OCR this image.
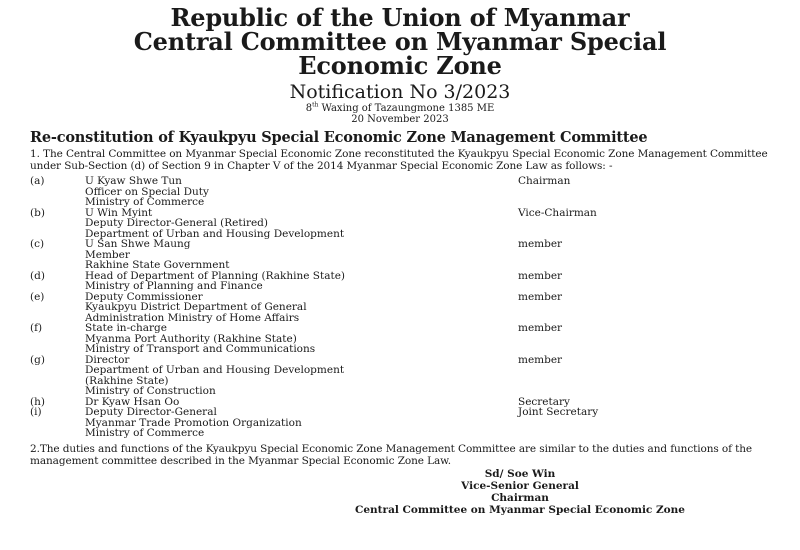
Republic of the Union of Myanmar
Central Committee on Myanmar Special
Economic Zone
Notification No 3/2023
8th Waxing of Tazaungmone 1385 ME
20 November 2023
Re-constitution of Kyaukpyu Special Economic Zone Management Committee
1. The Central Committee on Myanmar Special Economic Zone reconstituted the Kyaukpyu Special Economic Zone Management Committee under Sub-Section (d) of Section 9 in Chapter V of the 2014 Myanmar Special Economic Zone Law as follows: -
(a)	U Kyaw Shwe Tun	Chairman
Officer on Special Duty
Ministry of Commerce
(b)	U Win Myint	Vice-Chairman
Deputy Director-General (Retired)
Department of Urban and Housing Development
(c)	U San Shwe Maung	member
Member
Rakhine State Government
(d)	Head of Department of Planning (Rakhine State)	member
Ministry of Planning and Finance
(e)	Deputy Commissioner	member
Kyaukpyu District Department of General
Administration Ministry of Home Affairs
(f)	State in-charge	member
Myanma Port Authority (Rakhine State)
Ministry of Transport and Communications
(g)	Director	member
Department of Urban and Housing Development
(Rakhine State)
Ministry of Construction
(h)	Dr Kyaw Hsan Oo	Secretary
(i)	Deputy Director-General	Joint Secretary
Myanmar Trade Promotion Organization
Ministry of Commerce
2.The duties and functions of the Kyaukpyu Special Economic Zone Management Committee are similar to the duties and functions of the management committee described in the Myanmar Special Economic Zone Law.
Sd/ Soe Win
Vice-Senior General
Chairman
Central Committee on Myanmar Special Economic Zone
